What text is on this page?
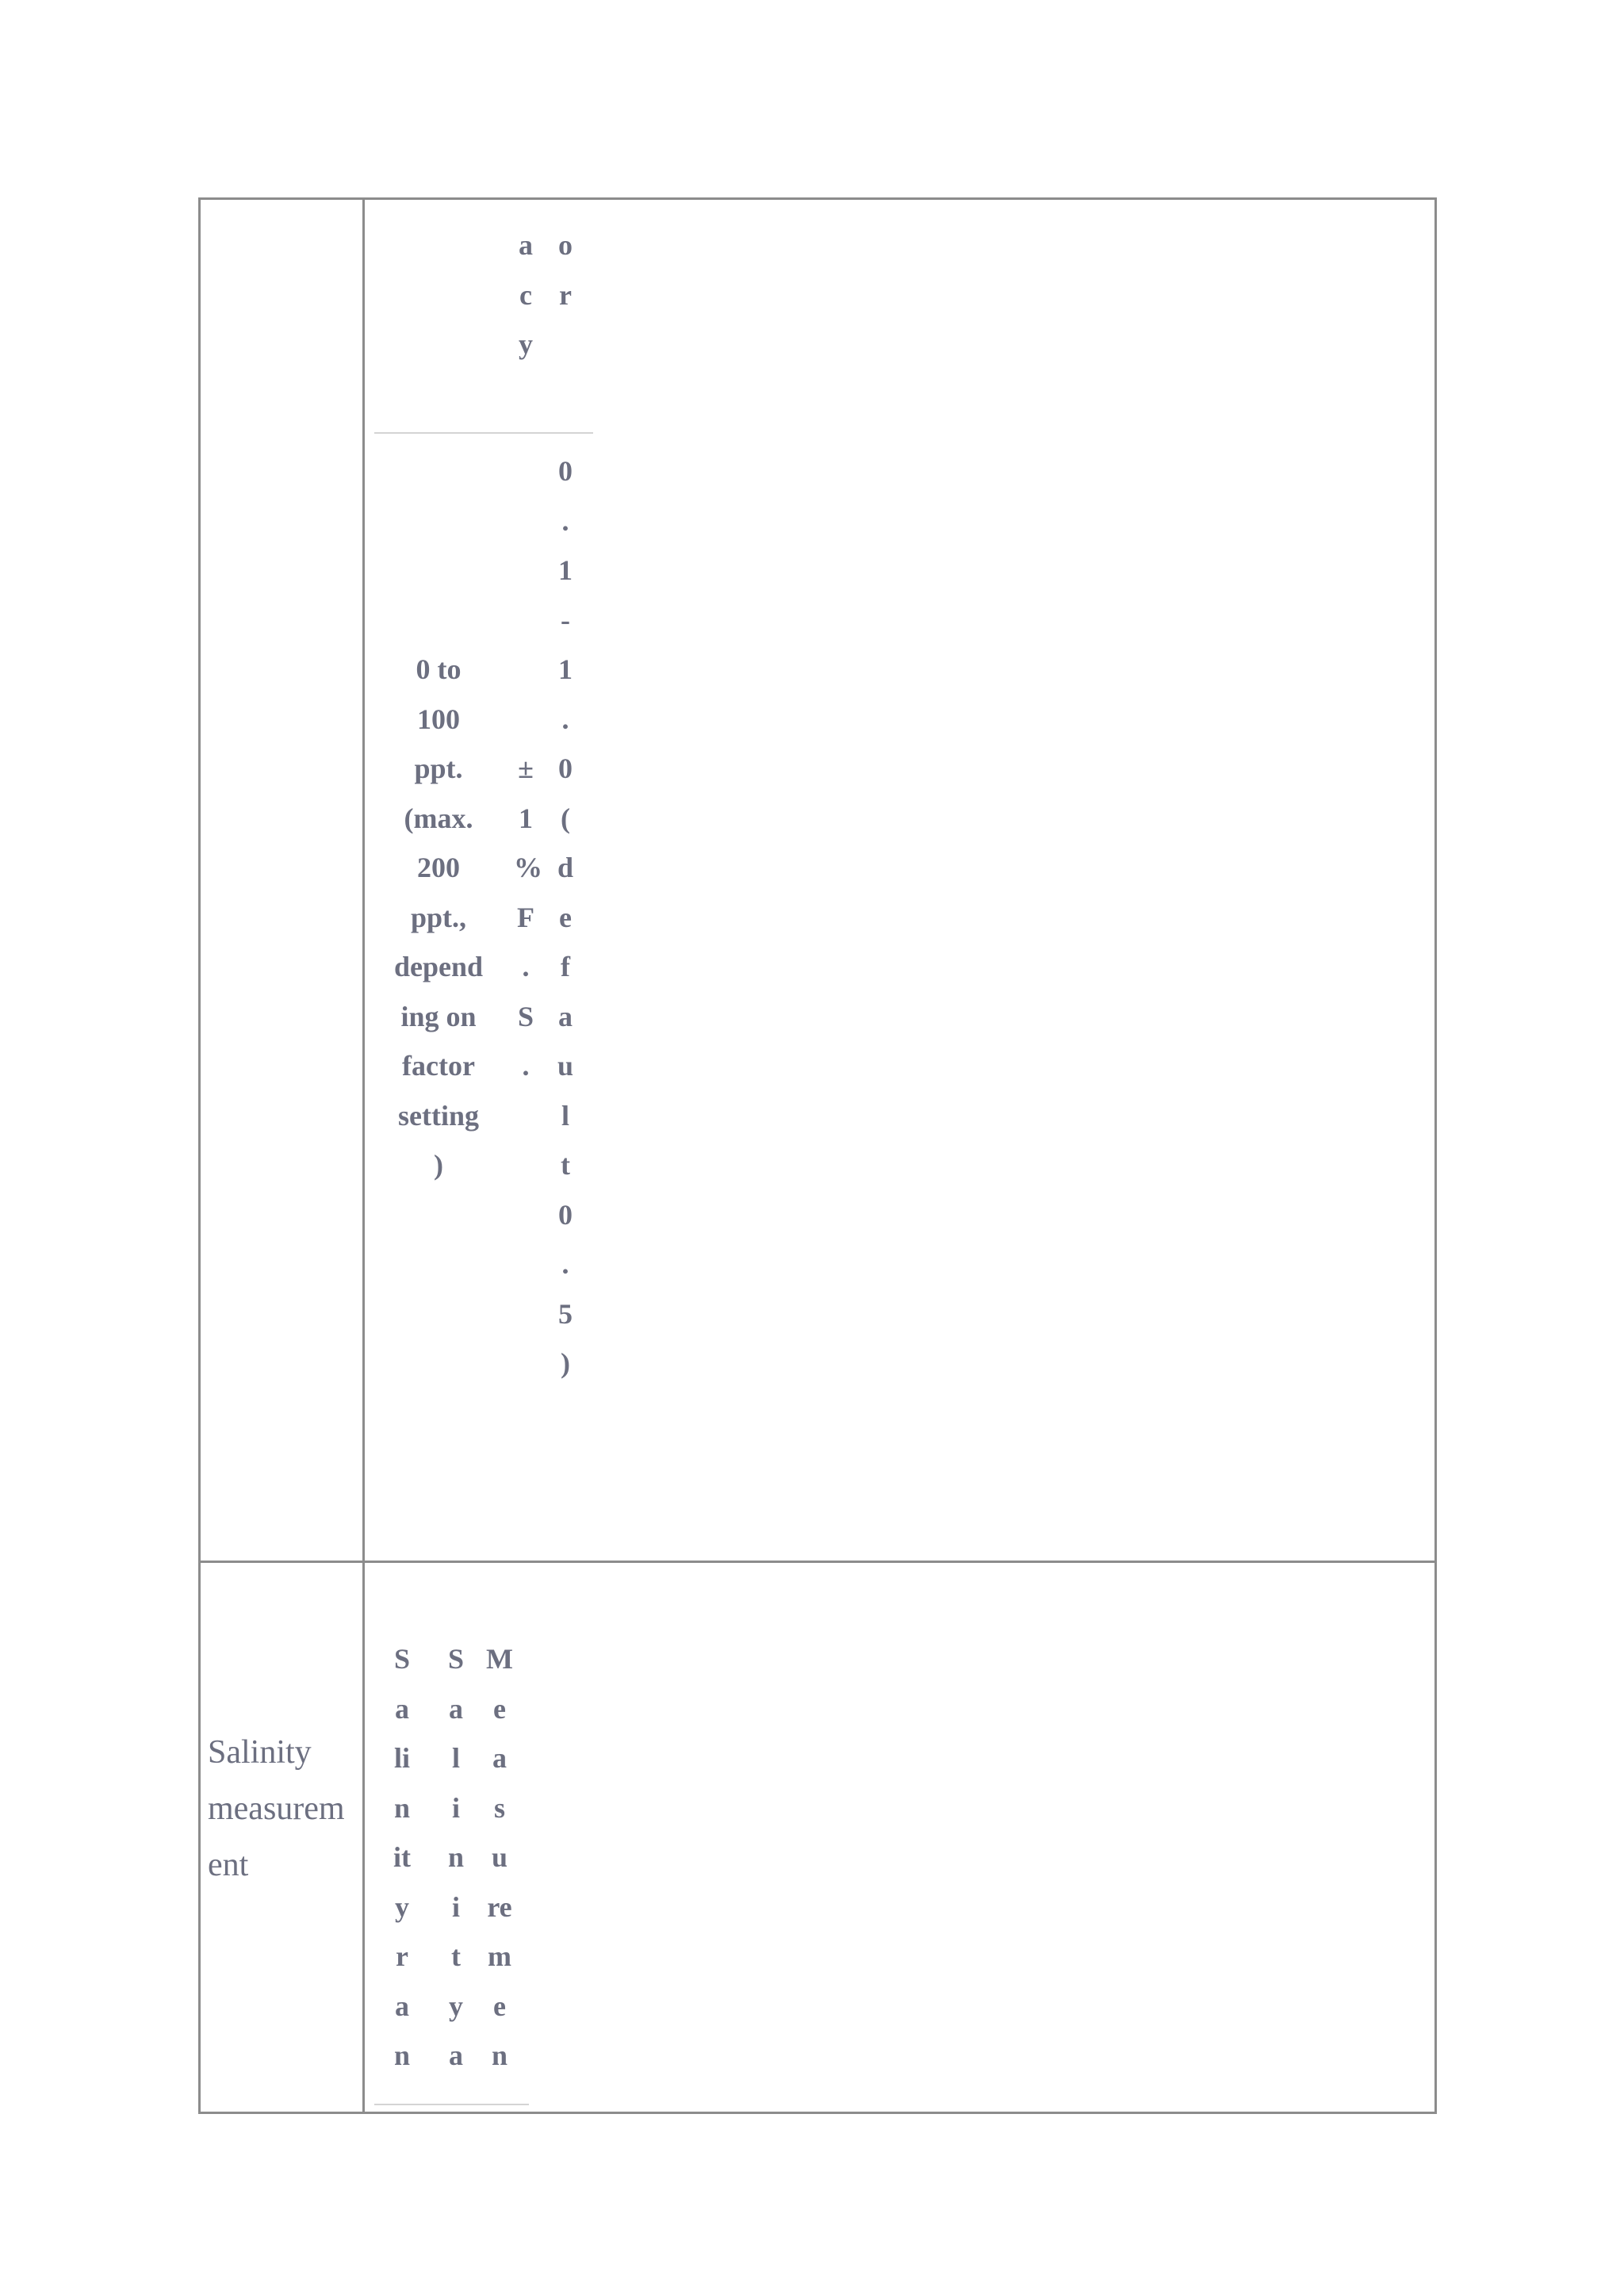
a
c
y
o
r
0 to
100
ppt.
(max.
200
ppt.,
depend
ing on
factor
setting
)
±
1
%
F
.
S
.
0
.
1
-
1
.
0
(
d
e
f
a
u
l
t
0
.
5
)
Salinity
measurem
ent
S
a
li
n
it
y
r
a
n
S
a
l
i
n
i
t
y
a
M
e
a
s
u
re
m
e
n
